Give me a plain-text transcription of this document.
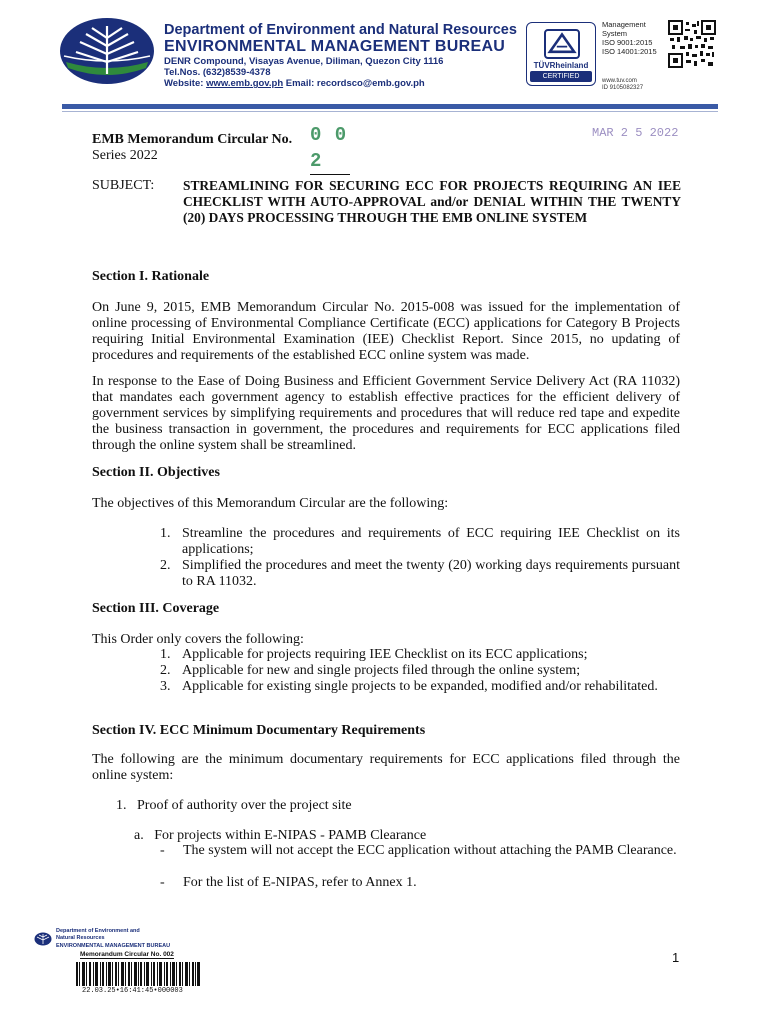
Department of Environment and Natural Resources
ENVIRONMENTAL MANAGEMENT BUREAU
DENR Compound, Visayas Avenue, Diliman, Quezon City 1116
Tel.Nos. (632)8539-4378
Website: www.emb.gov.ph Email: recordsco@emb.gov.ph
TÜVRheinland
CERTIFIED
Management
System
ISO 9001:2015
ISO 14001:2015
www.tuv.com
ID 9105082327
EMB Memorandum Circular No. 0 0 2
MAR 2 5 2022
Series 2022
SUBJECT: STREAMLINING FOR SECURING ECC FOR PROJECTS REQUIRING AN IEE CHECKLIST WITH AUTO-APPROVAL and/or DENIAL WITHIN THE TWENTY (20) DAYS PROCESSING THROUGH THE EMB ONLINE SYSTEM
Section I. Rationale
On June 9, 2015, EMB Memorandum Circular No. 2015-008 was issued for the implementation of online processing of Environmental Compliance Certificate (ECC) applications for Category B Projects requiring Initial Environmental Examination (IEE) Checklist Report. Since 2015, no updating of procedures and requirements of the established ECC online system was made.
In response to the Ease of Doing Business and Efficient Government Service Delivery Act (RA 11032) that mandates each government agency to establish effective practices for the efficient delivery of government services by simplifying requirements and procedures that will reduce red tape and expedite the business transaction in government, the procedures and requirements for ECC applications filed through the online system shall be streamlined.
Section II. Objectives
The objectives of this Memorandum Circular are the following:
1. Streamline the procedures and requirements of ECC requiring IEE Checklist on its applications;
2. Simplified the procedures and meet the twenty (20) working days requirements pursuant to RA 11032.
Section III. Coverage
This Order only covers the following:
1. Applicable for projects requiring IEE Checklist on its ECC applications;
2. Applicable for new and single projects filed through the online system;
3. Applicable for existing single projects to be expanded, modified and/or rehabilitated.
Section IV. ECC Minimum Documentary Requirements
The following are the minimum documentary requirements for ECC applications filed through the online system:
1. Proof of authority over the project site
a. For projects within E-NIPAS - PAMB Clearance
-	The system will not accept the ECC application without attaching the PAMB Clearance.
-	For the list of E-NIPAS, refer to Annex 1.
1
Department of Environment and
Natural Resources
ENVIRONMENTAL MANAGEMENT BUREAU
Memorandum Circular No. 002
22.03.25•16:41:45•000003
